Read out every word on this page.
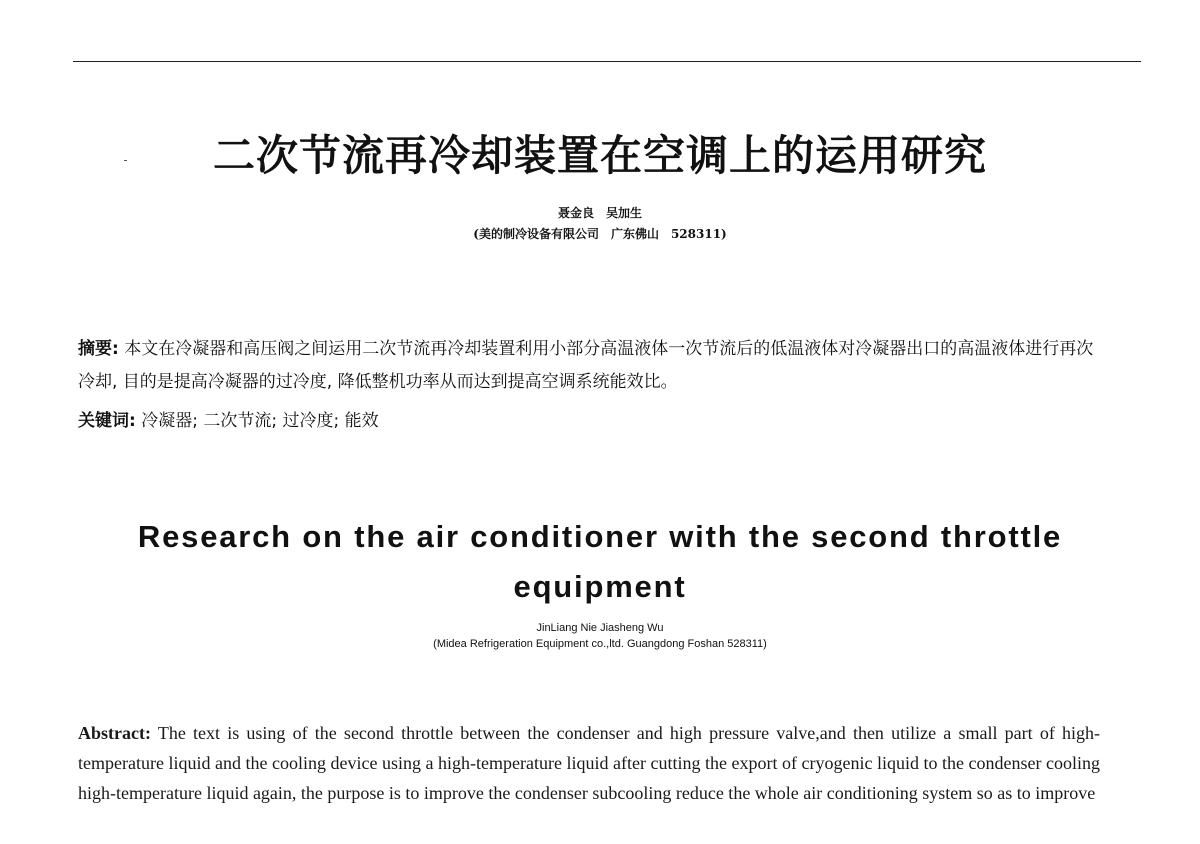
二次节流再冷却装置在空调上的运用研究
聂金良　吴加生
(美的制冷设备有限公司　广东佛山　528311)

摘要: 本文在冷凝器和高压阀之间运用二次节流再冷却装置利用小部分高温液体一次节流后的低温液体对冷凝器出口的高温液体进行再次冷却, 目的是提高冷凝器的过冷度, 降低整机功率从而达到提高空调系统能效比。

关键词: 冷凝器; 二次节流; 过冷度; 能效

Research on the air conditioner with the second throttle equipment
JinLiang Nie Jiasheng Wu
(Midea Refrigeration Equipment co.,ltd. Guangdong Foshan 528311)

Abstract: The text is using of the second throttle between the condenser and high pressure valve,and then utilize a small part of high-temperature liquid and the cooling device using a high-temperature liquid after cutting the export of cryogenic liquid to the condenser cooling high-temperature liquid again, the purpose is to improve the condenser subcooling reduce the whole air conditioning system so as to improve
